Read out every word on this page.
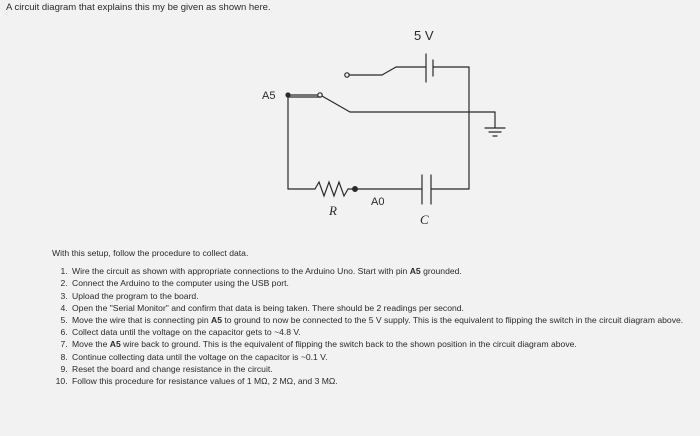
A circuit diagram that explains this my be given as shown here.
5 V
A5
R
A0
C

With this setup, follow the procedure to collect data.

1. Wire the circuit as shown with appropriate connections to the Arduino Uno. Start with pin A5 grounded.
2. Connect the Arduino to the computer using the USB port.
3. Upload the program to the board.
4. Open the "Serial Monitor" and confirm that data is being taken. There should be 2 readings per second.
5. Move the wire that is connecting pin A5 to ground to now be connected to the 5 V supply. This is the equivalent to flipping the switch in the circuit diagram above.
6. Collect data until the voltage on the capacitor gets to ~4.8 V.
7. Move the A5 wire back to ground. This is the equivalent of flipping the switch back to the shown position in the circuit diagram above.
8. Continue collecting data until the voltage on the capacitor is ~0.1 V.
9. Reset the board and change resistance in the circuit.
10. Follow this procedure for resistance values of 1 MΩ, 2 MΩ, and 3 MΩ.
